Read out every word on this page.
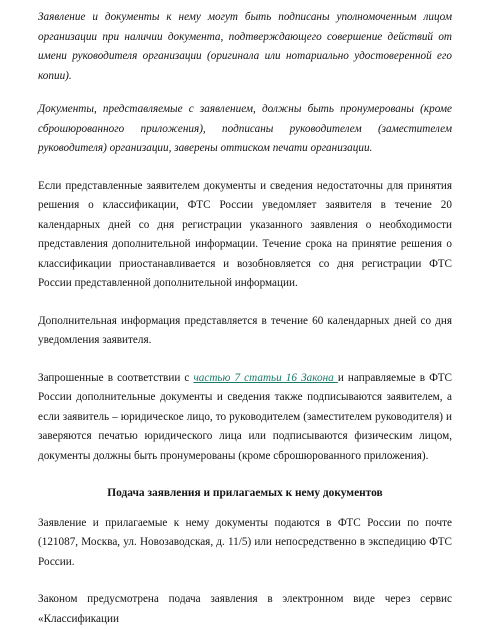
Заявление и документы к нему могут быть подписаны уполномоченным лицом организации при наличии документа, подтверждающего совершение действий от имени руководителя организации (оригинала или нотариально удостоверенной его копии).

Документы, представляемые с заявлением, должны быть пронумерованы (кроме сброшюрованного приложения), подписаны руководителем (заместителем руководителя) организации, заверены оттиском печати организации.

Если представленные заявителем документы и сведения недостаточны для принятия решения о классификации, ФТС России уведомляет заявителя в течение 20 календарных дней со дня регистрации указанного заявления о необходимости представления дополнительной информации. Течение срока на принятие решения о классификации приостанавливается и возобновляется со дня регистрации ФТС России представленной дополнительной информации.

Дополнительная информация представляется в течение 60 календарных дней со дня уведомления заявителя.

Запрошенные в соответствии с частью 7 статьи 16 Закона и направляемые в ФТС России дополнительные документы и сведения также подписываются заявителем, а если заявитель – юридическое лицо, то руководителем (заместителем руководителя) и заверяются печатью юридического лица или подписываются физическим лицом, документы должны быть пронумерованы (кроме сброшюрованного приложения).

Подача заявления и прилагаемых к нему документов

Заявление и прилагаемые к нему документы подаются в ФТС России по почте (121087, Москва, ул. Новозаводская, д. 11/5) или непосредственно в экспедицию ФТС России.

Законом предусмотрена подача заявления в электронном виде через сервис «Классификации
